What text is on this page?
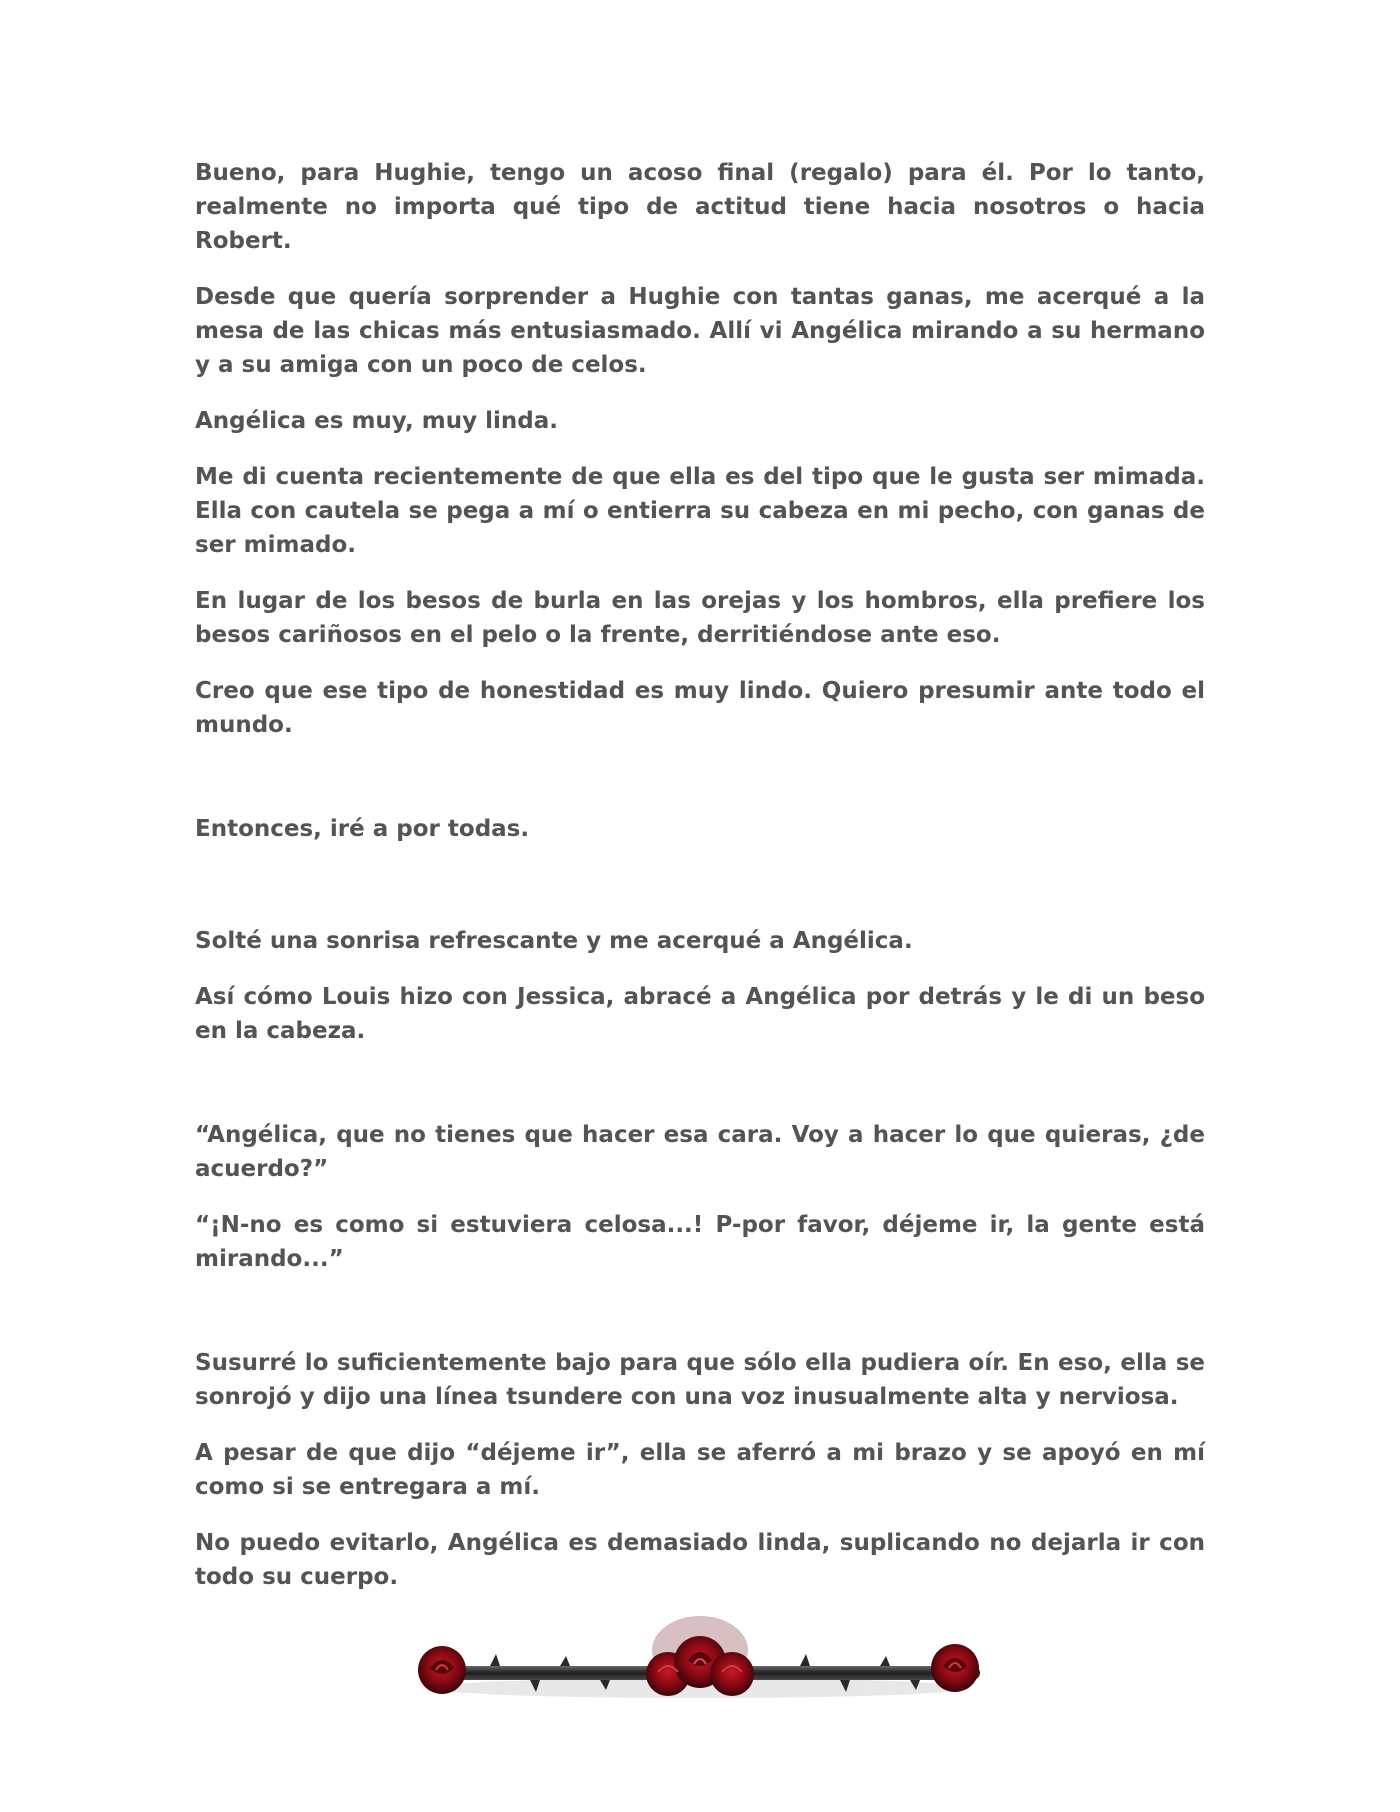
Bueno, para Hughie, tengo un acoso final (regalo) para él. Por lo tanto, realmente no importa qué tipo de actitud tiene hacia nosotros o hacia Robert.

Desde que quería sorprender a Hughie con tantas ganas, me acerqué a la mesa de las chicas más entusiasmado. Allí vi Angélica mirando a su hermano y a su amiga con un poco de celos.

Angélica es muy, muy linda.

Me di cuenta recientemente de que ella es del tipo que le gusta ser mimada. Ella con cautela se pega a mí o entierra su cabeza en mi pecho, con ganas de ser mimado.

En lugar de los besos de burla en las orejas y los hombros, ella prefiere los besos cariñosos en el pelo o la frente, derritiéndose ante eso.

Creo que ese tipo de honestidad es muy lindo. Quiero presumir ante todo el mundo.

Entonces, iré a por todas.

Solté una sonrisa refrescante y me acerqué a Angélica.

Así cómo Louis hizo con Jessica, abracé a Angélica por detrás y le di un beso en la cabeza.

“Angélica, que no tienes que hacer esa cara. Voy a hacer lo que quieras, ¿de acuerdo?”

“¡N-no es como si estuviera celosa...! P-por favor, déjeme ir, la gente está mirando...”

Susurré lo suficientemente bajo para que sólo ella pudiera oír. En eso, ella se sonrojó y dijo una línea tsundere con una voz inusualmente alta y nerviosa.

A pesar de que dijo “déjeme ir”, ella se aferró a mi brazo y se apoyó en mí como si se entregara a mí.

No puedo evitarlo, Angélica es demasiado linda, suplicando no dejarla ir con todo su cuerpo.
